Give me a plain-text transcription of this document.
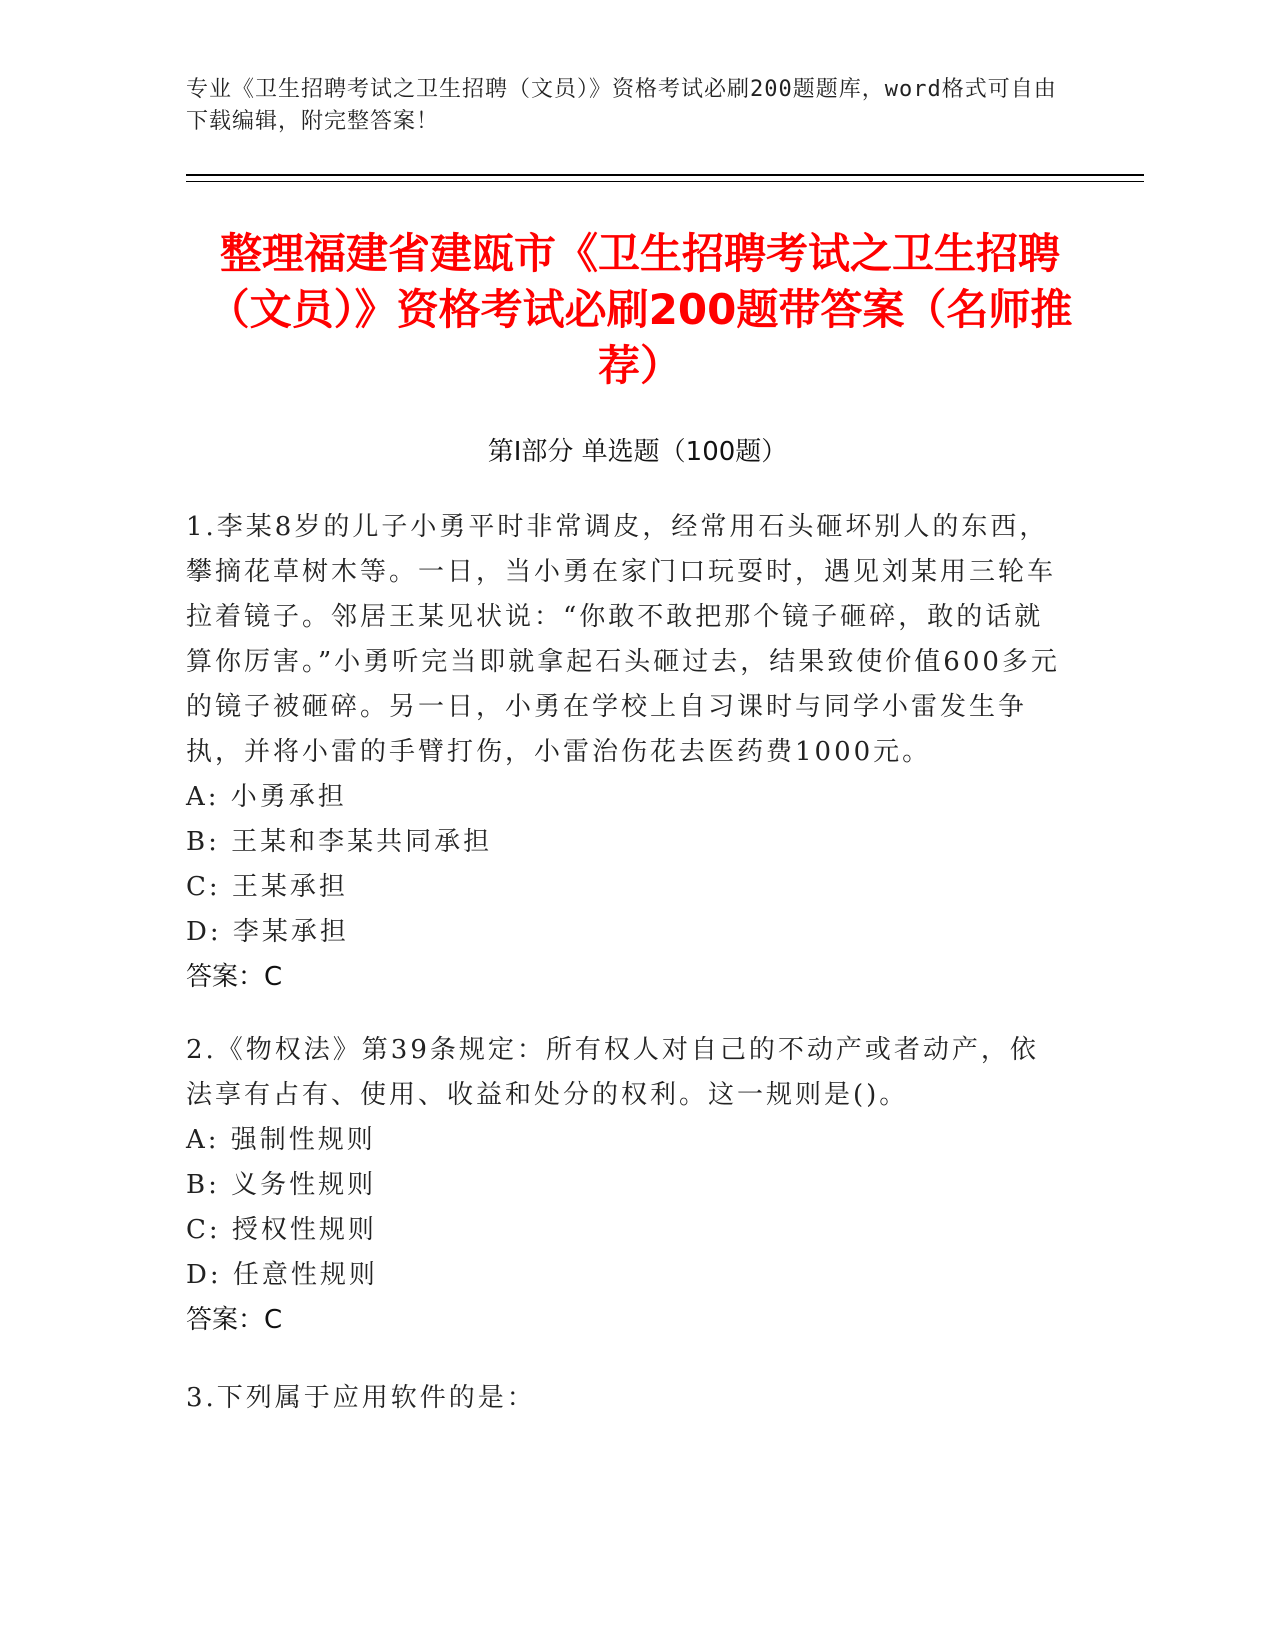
专业《卫生招聘考试之卫生招聘（文员）》资格考试必刷200题题库，word格式可自由下载编辑，附完整答案！
整理福建省建瓯市《卫生招聘考试之卫生招聘（文员）》资格考试必刷200题带答案（名师推荐）
第Ⅰ部分 单选题（100题）
1.李某8岁的儿子小勇平时非常调皮，经常用石头砸坏别人的东西，攀摘花草树木等。一日，当小勇在家门口玩耍时，遇见刘某用三轮车拉着镜子。邻居王某见状说：“你敢不敢把那个镜子砸碎，敢的话就算你厉害。”小勇听完当即就拿起石头砸过去，结果致使价值600多元的镜子被砸碎。另一日，小勇在学校上自习课时与同学小雷发生争执，并将小雷的手臂打伤，小雷治伤花去医药费1000元。
A: 小勇承担
B: 王某和李某共同承担
C: 王某承担
D: 李某承担
答案：C
2.《物权法》第39条规定：所有权人对自己的不动产或者动产，依法享有占有、使用、收益和处分的权利。这一规则是()。
A: 强制性规则
B: 义务性规则
C: 授权性规则
D: 任意性规则
答案：C
3.下列属于应用软件的是：
